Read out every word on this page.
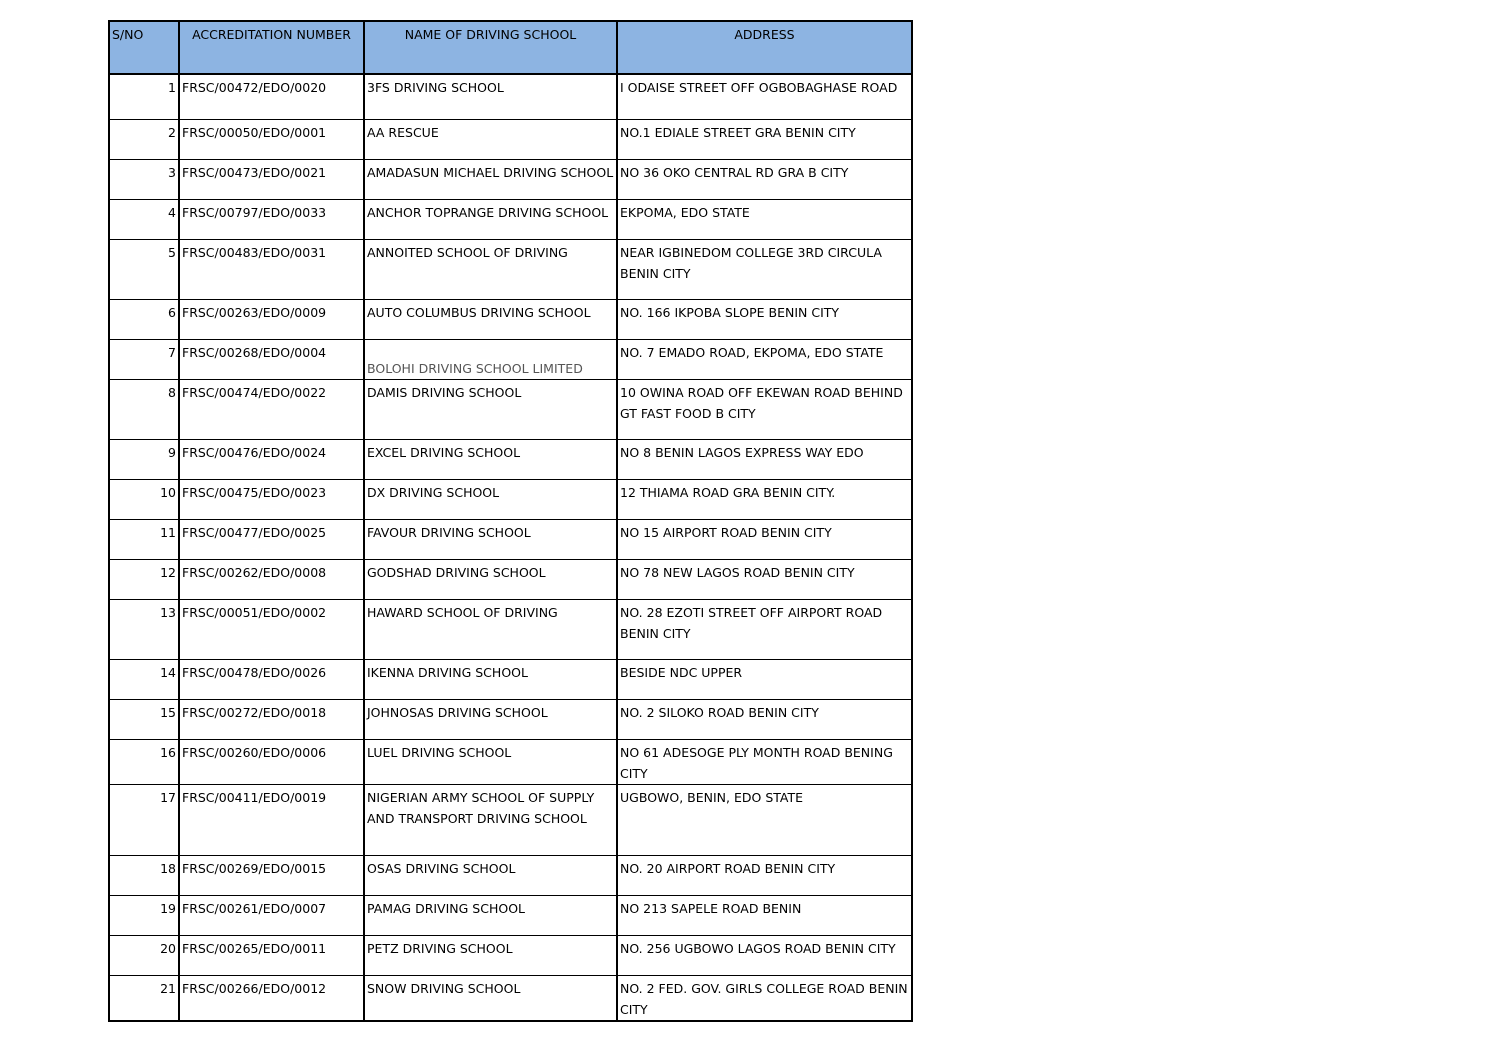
S/NO	ACCREDITATION NUMBER	NAME OF DRIVING SCHOOL	ADDRESS
1	FRSC/00472/EDO/0020	3FS DRIVING SCHOOL	I ODAISE STREET OFF OGBOBAGHASE ROAD
2	FRSC/00050/EDO/0001	AA RESCUE	NO.1 EDIALE STREET GRA BENIN CITY
3	FRSC/00473/EDO/0021	AMADASUN MICHAEL DRIVING SCHOOL	NO 36 OKO CENTRAL RD GRA B CITY
4	FRSC/00797/EDO/0033	ANCHOR TOPRANGE DRIVING SCHOOL	EKPOMA, EDO STATE
5	FRSC/00483/EDO/0031	ANNOITED SCHOOL OF DRIVING	NEAR IGBINEDOM COLLEGE 3RD CIRCULA BENIN CITY
6	FRSC/00263/EDO/0009	AUTO COLUMBUS DRIVING SCHOOL	NO. 166 IKPOBA SLOPE BENIN CITY
7	FRSC/00268/EDO/0004	BOLOHI DRIVING SCHOOL LIMITED	NO. 7 EMADO ROAD, EKPOMA, EDO STATE
8	FRSC/00474/EDO/0022	DAMIS DRIVING SCHOOL	10 OWINA ROAD OFF EKEWAN ROAD BEHIND GT FAST FOOD B CITY
9	FRSC/00476/EDO/0024	EXCEL DRIVING SCHOOL	NO 8 BENIN LAGOS EXPRESS WAY EDO
10	FRSC/00475/EDO/0023	DX DRIVING SCHOOL	12 THIAMA ROAD GRA BENIN CITY.
11	FRSC/00477/EDO/0025	FAVOUR DRIVING SCHOOL	NO 15 AIRPORT ROAD BENIN CITY
12	FRSC/00262/EDO/0008	GODSHAD DRIVING SCHOOL	NO 78 NEW LAGOS ROAD BENIN CITY
13	FRSC/00051/EDO/0002	HAWARD SCHOOL OF DRIVING	NO. 28 EZOTI STREET OFF AIRPORT ROAD BENIN CITY
14	FRSC/00478/EDO/0026	IKENNA DRIVING SCHOOL	BESIDE NDC UPPER
15	FRSC/00272/EDO/0018	JOHNOSAS DRIVING SCHOOL	NO. 2 SILOKO ROAD BENIN CITY
16	FRSC/00260/EDO/0006	LUEL DRIVING SCHOOL	NO 61 ADESOGE PLY MONTH ROAD BENING CITY
17	FRSC/00411/EDO/0019	NIGERIAN ARMY SCHOOL OF SUPPLY AND TRANSPORT DRIVING SCHOOL	UGBOWO, BENIN, EDO STATE
18	FRSC/00269/EDO/0015	OSAS DRIVING SCHOOL	NO. 20 AIRPORT ROAD BENIN CITY
19	FRSC/00261/EDO/0007	PAMAG DRIVING SCHOOL	NO 213 SAPELE ROAD BENIN
20	FRSC/00265/EDO/0011	PETZ DRIVING SCHOOL	NO. 256 UGBOWO LAGOS ROAD BENIN CITY
21	FRSC/00266/EDO/0012	SNOW DRIVING SCHOOL	NO. 2 FED. GOV. GIRLS COLLEGE ROAD BENIN CITY
